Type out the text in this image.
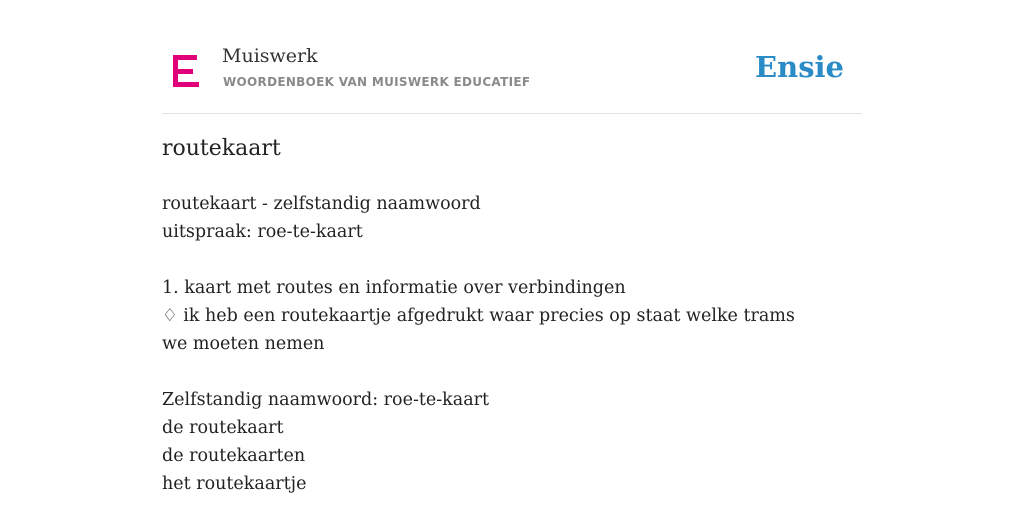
Muiswerk
WOORDENBOEK VAN MUISWERK EDUCATIEF	Ensie
routekaart
routekaart - zelfstandig naamwoord
uitspraak: roe-te-kaart
1. kaart met routes en informatie over verbindingen
♢ ik heb een routekaartje afgedrukt waar precies op staat welke trams we moeten nemen
Zelfstandig naamwoord: roe-te-kaart
de routekaart
de routekaarten
het routekaartje
